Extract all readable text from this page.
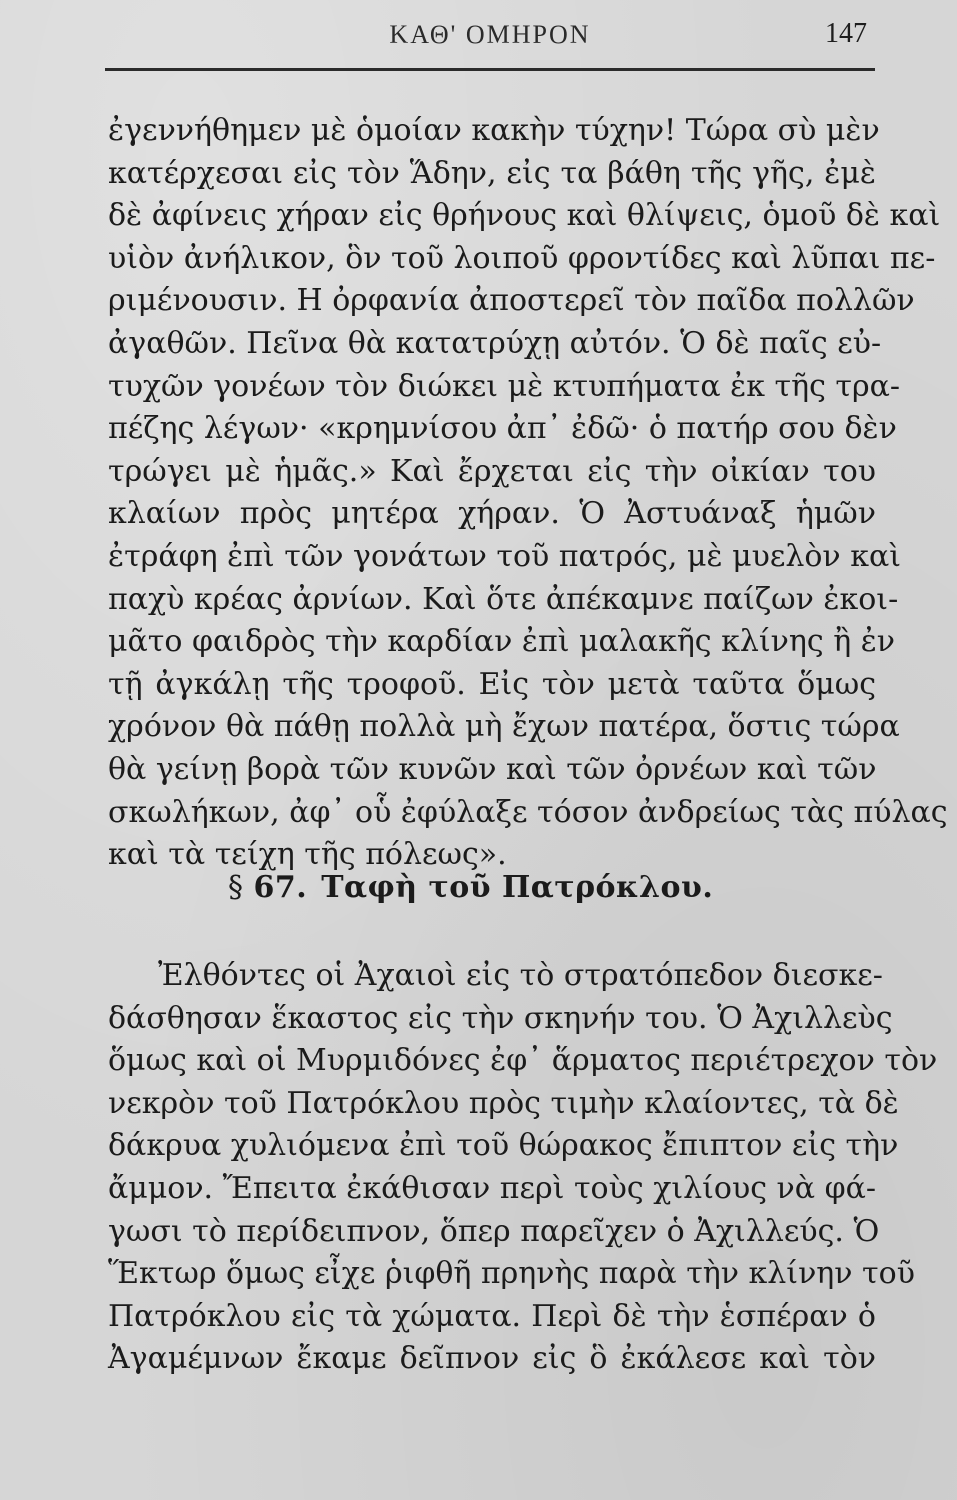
ΚΑΘ' ΟΜΗΡΟΝ	147
ἐγεννήθημεν μὲ ὁμοίαν κακὴν τύχην! Τώρα σὺ μὲν
κατέρχεσαι εἰς τὸν Ἅδην, εἰς τα βάθη τῆς γῆς, ἐμὲ
δὲ ἀφίνεις χήραν εἰς θρήνους καὶ θλίψεις, ὁμοῦ δὲ καὶ
υἱὸν ἀνήλικον, ὃν τοῦ λοιποῦ φροντίδες καὶ λῦπαι πε-
ριμένουσιν. Η ὀρφανία ἀποστερεῖ τὸν παῖδα πολλῶν
ἀγαθῶν. Πεῖνα θὰ κατατρύχῃ αὐτόν. Ὁ δὲ παῖς εὐ-
τυχῶν γονέων τὸν διώκει μὲ κτυπήματα ἐκ τῆς τρα-
πέζης λέγων· «κρημνίσου ἀπ᾽ ἐδῶ· ὁ πατήρ σου δὲν
τρώγει μὲ ἡμᾶς.» Καὶ ἔρχεται εἰς τὴν οἰκίαν του
κλαίων πρὸς μητέρα χήραν. Ὁ Ἀστυάναξ ἡμῶν
ἐτράφη ἐπὶ τῶν γονάτων τοῦ πατρός, μὲ μυελὸν καὶ
παχὺ κρέας ἀρνίων. Καὶ ὅτε ἀπέκαμνε παίζων ἐκοι-
μᾶτο φαιδρὸς τὴν καρδίαν ἐπὶ μαλακῆς κλίνης ἢ ἐν
τῇ ἀγκάλῃ τῆς τροφοῦ. Εἰς τὸν μετὰ ταῦτα ὅμως
χρόνον θὰ πάθῃ πολλὰ μὴ ἔχων πατέρα, ὅστις τώρα
θὰ γείνῃ βορὰ τῶν κυνῶν καὶ τῶν ὀρνέων καὶ τῶν
σκωλήκων, ἀφ᾽ οὗ ἐφύλαξε τόσον ἀνδρείως τὰς πύλας
καὶ τὰ τείχη τῆς πόλεως».
§ 67. Ταφὴ τοῦ Πατρόκλου.
Ἐλθόντες οἱ Ἀχαιοὶ εἰς τὸ στρατόπεδον διεσκε-
δάσθησαν ἕκαστος εἰς τὴν σκηνήν του. Ὁ Ἀχιλλεὺς
ὅμως καὶ οἱ Μυρμιδόνες ἐφ᾽ ἅρματος περιέτρεχον τὸν
νεκρὸν τοῦ Πατρόκλου πρὸς τιμὴν κλαίοντες, τὰ δὲ
δάκρυα χυλιόμενα ἐπὶ τοῦ θώρακος ἔπιπτον εἰς τὴν
ἄμμον. Ἔπειτα ἐκάθισαν περὶ τοὺς χιλίους νὰ φά-
γωσι τὸ περίδειπνον, ὅπερ παρεῖχεν ὁ Ἀχιλλεύς. Ὁ
Ἕκτωρ ὅμως εἶχε ῥιφθῆ πρηνὴς παρὰ τὴν κλίνην τοῦ
Πατρόκλου εἰς τὰ χώματα. Περὶ δὲ τὴν ἑσπέραν ὁ
Ἀγαμέμνων ἔκαμε δεῖπνον εἰς ὃ ἐκάλεσε καὶ τὸν
